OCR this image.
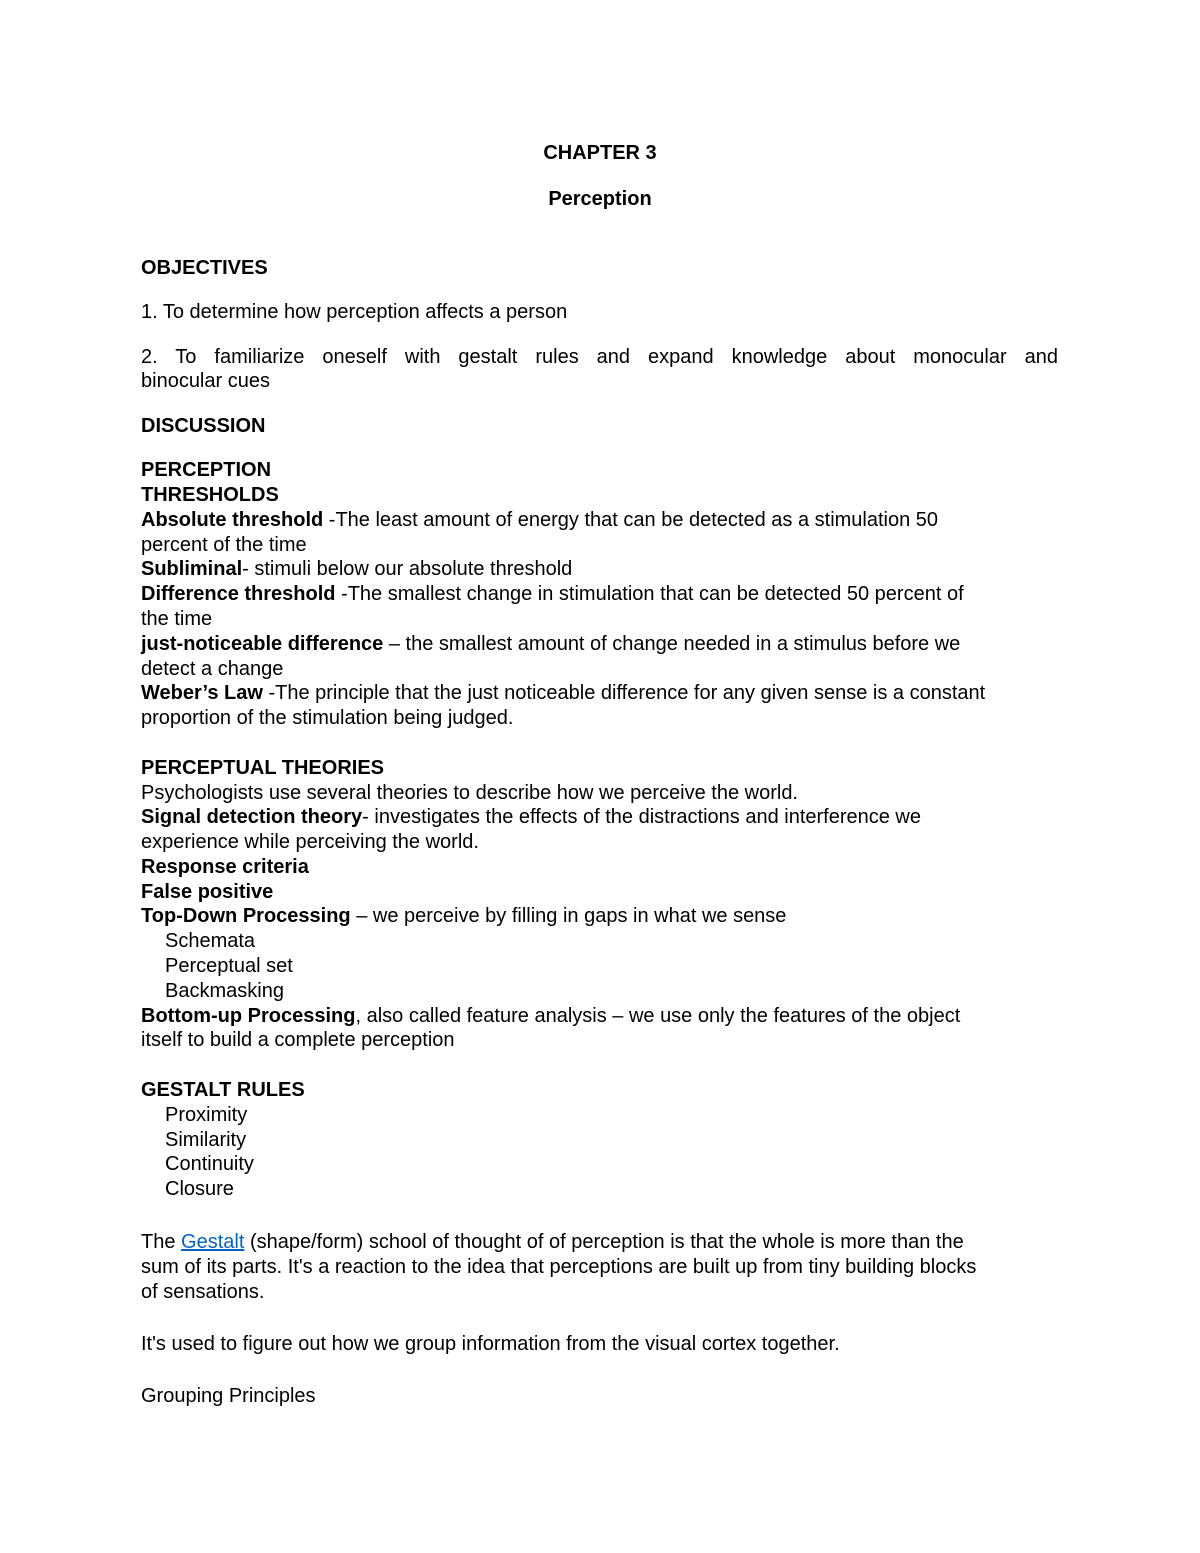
CHAPTER 3
Perception
OBJECTIVES
1. To determine how perception affects a person
2. To familiarize oneself with gestalt rules and expand knowledge about monocular and
binocular cues
DISCUSSION
PERCEPTION
THRESHOLDS
Absolute threshold -The least amount of energy that can be detected as a stimulation 50
percent of the time
Subliminal- stimuli below our absolute threshold
Difference threshold -The smallest change in stimulation that can be detected 50 percent of
the time
just-noticeable difference – the smallest amount of change needed in a stimulus before we
detect a change
Weber’s Law -The principle that the just noticeable difference for any given sense is a constant
proportion of the stimulation being judged.
PERCEPTUAL THEORIES
Psychologists use several theories to describe how we perceive the world.
Signal detection theory- investigates the effects of the distractions and interference we
experience while perceiving the world.
Response criteria
False positive
Top-Down Processing – we perceive by filling in gaps in what we sense
Schemata
Perceptual set
Backmasking
Bottom-up Processing, also called feature analysis – we use only the features of the object
itself to build a complete perception
GESTALT RULES
Proximity
Similarity
Continuity
Closure
The Gestalt (shape/form) school of thought of of perception is that the whole is more than the
sum of its parts. It's a reaction to the idea that perceptions are built up from tiny building blocks
of sensations.
It's used to figure out how we group information from the visual cortex together.
Grouping Principles
